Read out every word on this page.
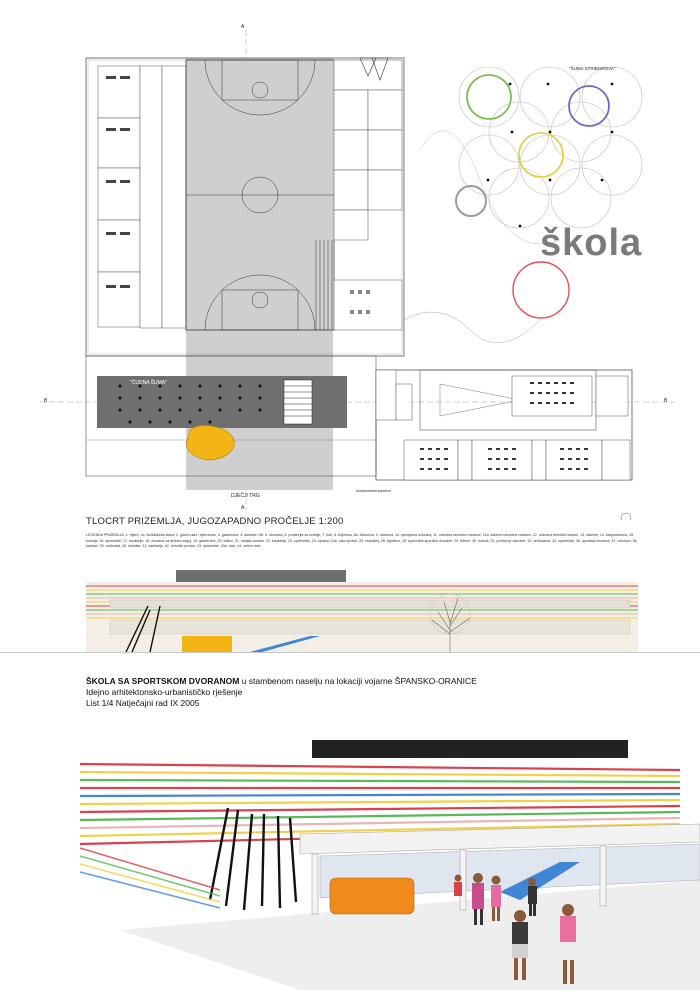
A
A
B	B
"ČUDNA ŠUMA"
DJEČJI TRG
"ŠUMA STRIBOROVA"
koncentrirani kolodvor
škola
TLOCRT PRIZEMLJA, JUGOZAPADNO PROČELJE 1:200
LEGENDA PRIZEMLJA: 1. trijem, 1a. biciklistička staza, 2. glavni ulaz i vjetrobran, 3. garderoba, 4. stubište i lift, 5. zbornica, 6. prostorija za učitelje, 7. hall, 8. knjižnica, 8a. čitaonica, 9. učionica, 10. specijalna učionica, 11. učionica razredne nastave, 11a. kabinet razredne nastave, 12. učionica tehničke kulture, 13. kabinet, 14. blagovaonica, 15. kuhinja, 16. spremište, 17. sanitarije, 18. dvorana za tjelesni odgoj, 19. garderobe, 20. tuševi, 21. vanjski prostor, 22. sanitarije, 23. spremište, 24. uprava, 24a. ulaz uprave, 25. ravnatelj, 26. tajništvo, 28. spremište sportske dvorane, 29. tribine, 30. hodnik, 31. predvorje dvorane, 32. ambulanta, 33. spremište, 36. sportska dvorana, 37. učionica, 38. kabinet, 39. radionica, 40. stubište, 41. sanitarije, 42. tehnički prostor, 43. spremište, 43a. ulaz, 44. zeleni otok
ŠKOLA SA SPORTSKOM DVORANOM u stambenom naselju na lokaciji vojarne ŠPANSKO-ORANICE
Idejno arhitektonsko-urbanističko rješenje
List 1/4 Natječajni rad IX 2005
